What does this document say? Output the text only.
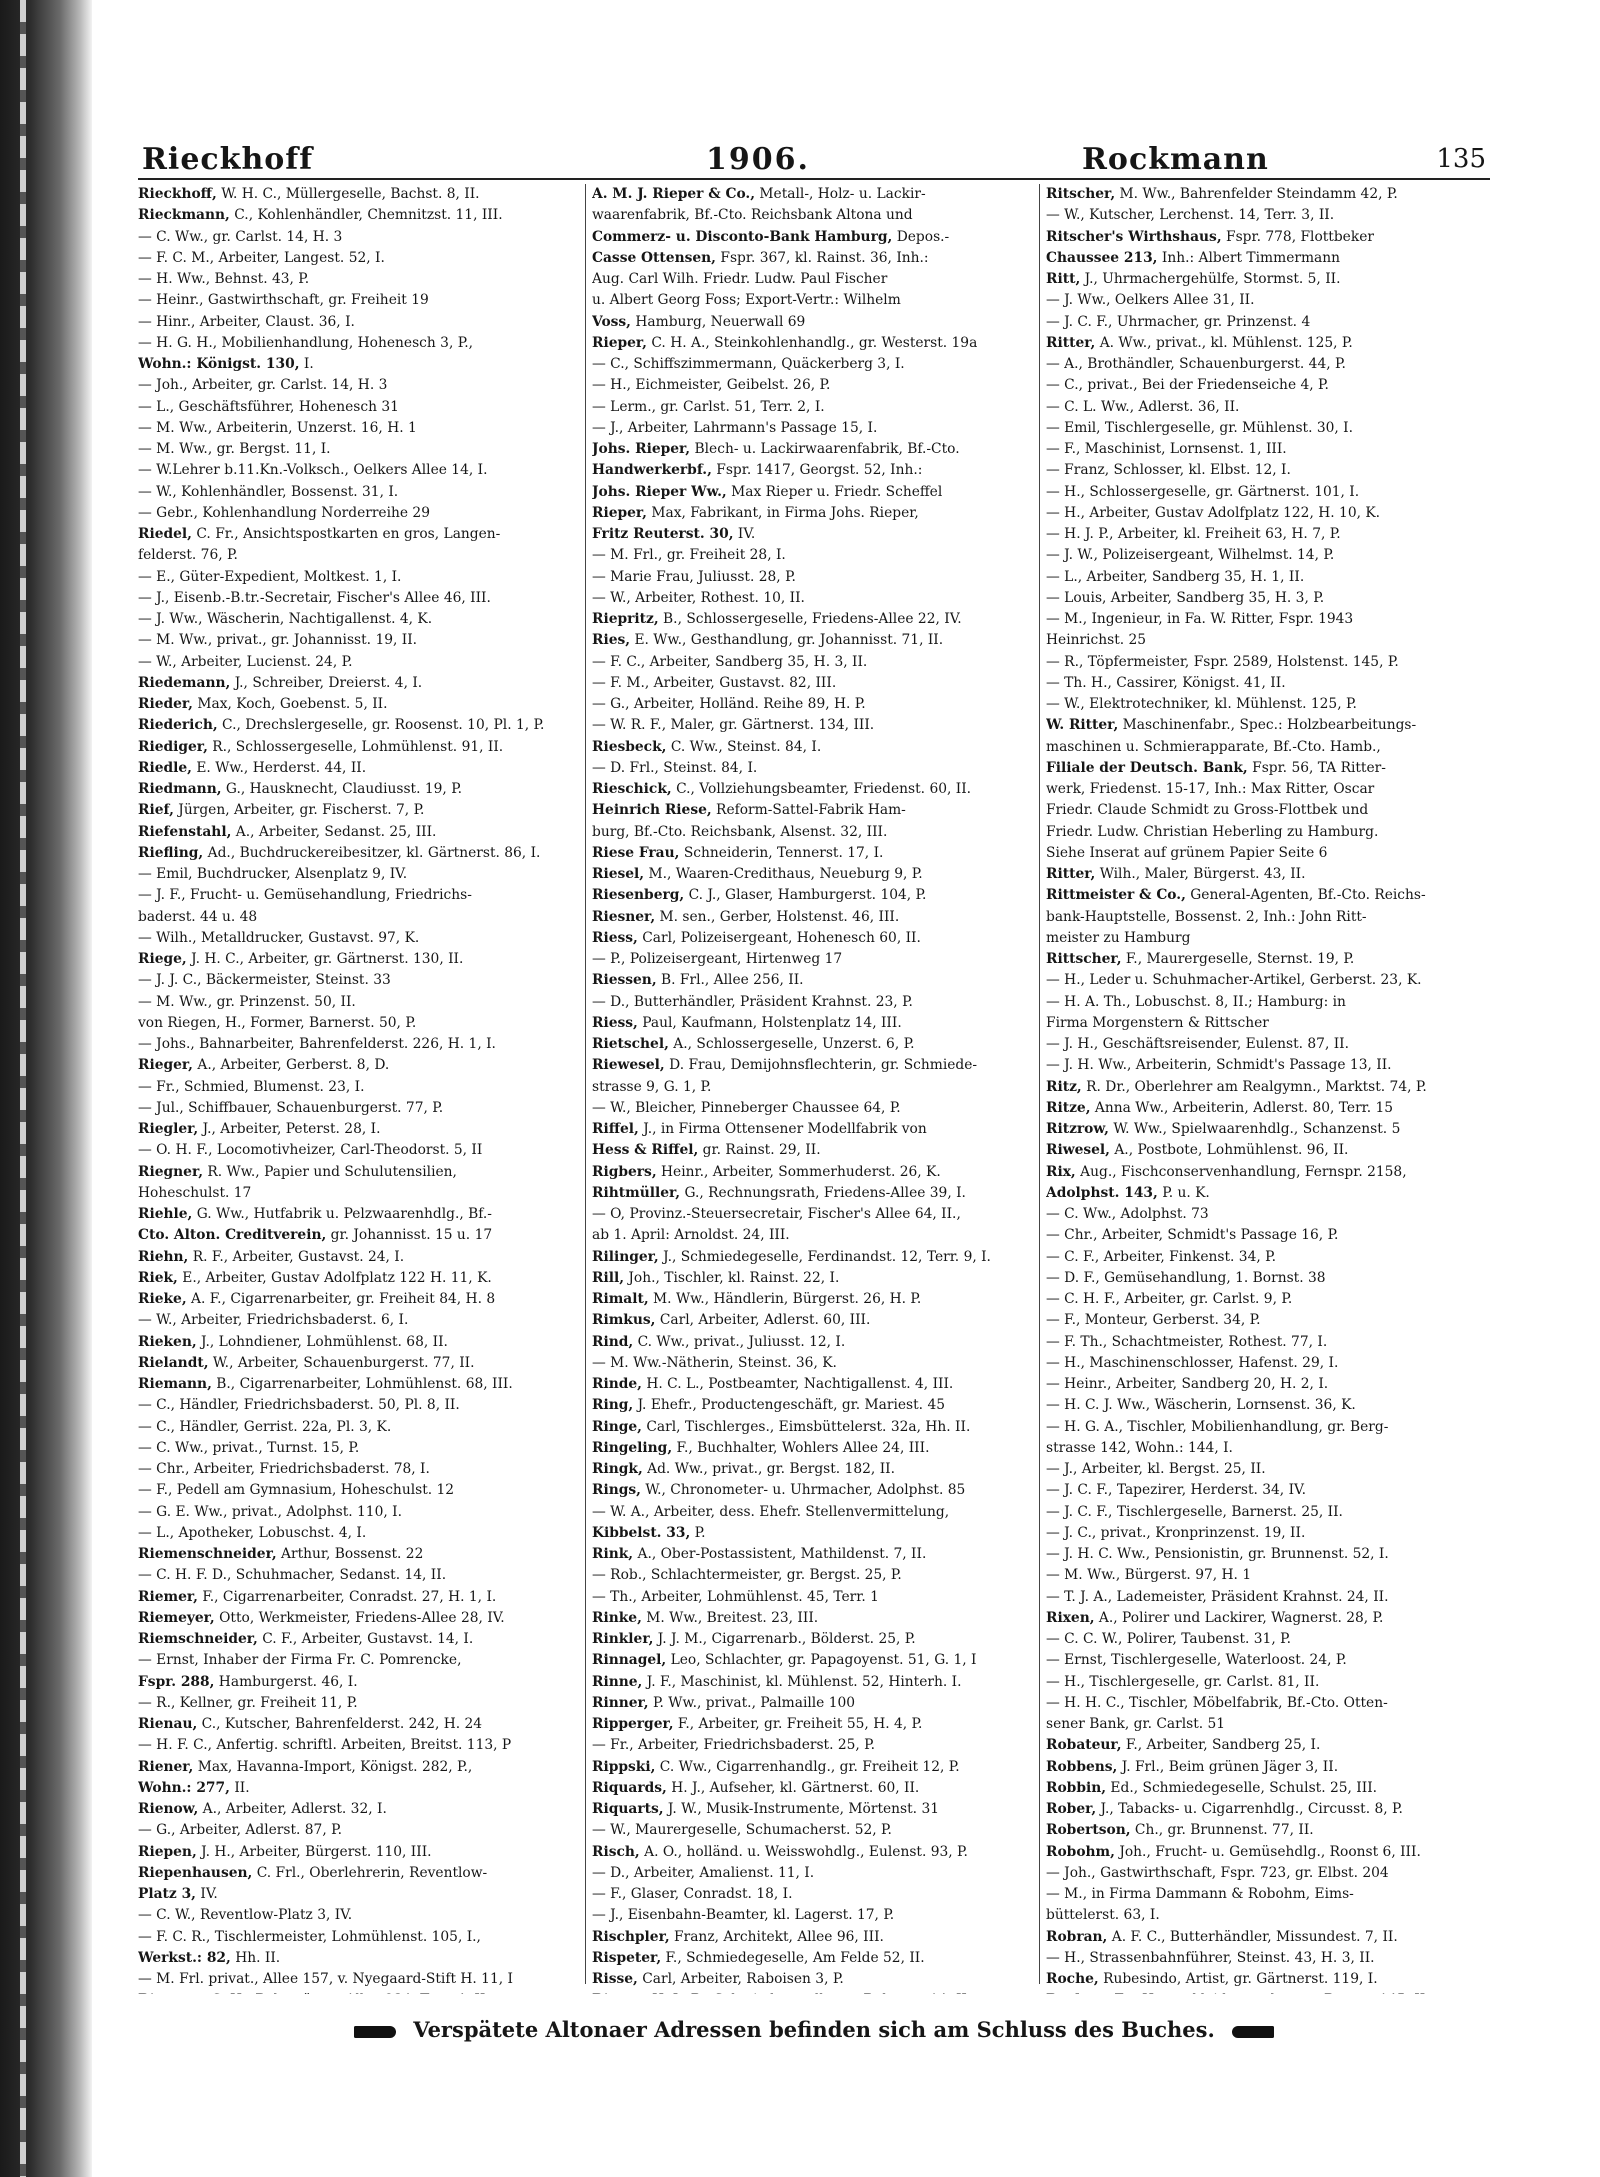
Rieckhoff	1906.	Rockmann	135
Rieckhoff, W. H. C., Müllergeselle, Bachst. 8, II.
Rieckmann, C., Kohlenhändler, Chemnitzst. 11, III.
— C. Ww., gr. Carlst. 14, H. 3
— F. C. M., Arbeiter, Langest. 52, I.
— H. Ww., Behnst. 43, P.
— Heinr., Gastwirthschaft, gr. Freiheit 19
— Hinr., Arbeiter, Claust. 36, I.
— H. G. H., Mobilienhandlung, Hohenesch 3, P.,
Wohn.: Königst. 130, I.
— Joh., Arbeiter, gr. Carlst. 14, H. 3
— L., Geschäftsführer, Hohenesch 31
— M. Ww., Arbeiterin, Unzerst. 16, H. 1
— M. Ww., gr. Bergst. 11, I.
— W.Lehrer b.11.Kn.-Volksch., Oelkers Allee 14, I.
— W., Kohlenhändler, Bossenst. 31, I.
— Gebr., Kohlenhandlung Norderreihe 29
Riedel, C. Fr., Ansichtspostkarten en gros, Langen-
felderst. 76, P.
— E., Güter-Expedient, Moltkest. 1, I.
— J., Eisenb.-B.tr.-Secretair, Fischer's Allee 46, III.
— J. Ww., Wäscherin, Nachtigallenst. 4, K.
— M. Ww., privat., gr. Johannisst. 19, II.
— W., Arbeiter, Lucienst. 24, P.
Riedemann, J., Schreiber, Dreierst. 4, I.
Rieder, Max, Koch, Goebenst. 5, II.
Riederich, C., Drechslergeselle, gr. Roosenst. 10, Pl. 1, P.
Riediger, R., Schlossergeselle, Lohmühlenst. 91, II.
Riedle, E. Ww., Herderst. 44, II.
Riedmann, G., Hausknecht, Claudiusst. 19, P.
Rief, Jürgen, Arbeiter, gr. Fischerst. 7, P.
Riefenstahl, A., Arbeiter, Sedanst. 25, III.
Riefling, Ad., Buchdruckereibesitzer, kl. Gärtnerst. 86, I.
— Emil, Buchdrucker, Alsenplatz 9, IV.
— J. F., Frucht- u. Gemüsehandlung, Friedrichs-
baderst. 44 u. 48
— Wilh., Metalldrucker, Gustavst. 97, K.
Riege, J. H. C., Arbeiter, gr. Gärtnerst. 130, II.
— J. J. C., Bäckermeister, Steinst. 33
— M. Ww., gr. Prinzenst. 50, II.
von Riegen, H., Former, Barnerst. 50, P.
— Johs., Bahnarbeiter, Bahrenfelderst. 226, H. 1, I.
Rieger, A., Arbeiter, Gerberst. 8, D.
— Fr., Schmied, Blumenst. 23, I.
— Jul., Schiffbauer, Schauenburgerst. 77, P.
Riegler, J., Arbeiter, Peterst. 28, I.
— O. H. F., Locomotivheizer, Carl-Theodorst. 5, II
Riegner, R. Ww., Papier und Schulutensilien,
Hoheschulst. 17
Riehle, G. Ww., Hutfabrik u. Pelzwaarenhdlg., Bf.-
Cto. Alton. Creditverein, gr. Johannisst. 15 u. 17
Riehn, R. F., Arbeiter, Gustavst. 24, I.
Riek, E., Arbeiter, Gustav Adolfplatz 122 H. 11, K.
Rieke, A. F., Cigarrenarbeiter, gr. Freiheit 84, H. 8
— W., Arbeiter, Friedrichsbaderst. 6, I.
Rieken, J., Lohndiener, Lohmühlenst. 68, II.
Rielandt, W., Arbeiter, Schauenburgerst. 77, II.
Riemann, B., Cigarrenarbeiter, Lohmühlenst. 68, III.
— C., Händler, Friedrichsbaderst. 50, Pl. 8, II.
— C., Händler, Gerrist. 22a, Pl. 3, K.
— C. Ww., privat., Turnst. 15, P.
— Chr., Arbeiter, Friedrichsbaderst. 78, I.
— F., Pedell am Gymnasium, Hoheschulst. 12
— G. E. Ww., privat., Adolphst. 110, I.
— L., Apotheker, Lobuschst. 4, I.
Riemenschneider, Arthur, Bossenst. 22
— C. H. F. D., Schuhmacher, Sedanst. 14, II.
Riemer, F., Cigarrenarbeiter, Conradst. 27, H. 1, I.
Riemeyer, Otto, Werkmeister, Friedens-Allee 28, IV.
Riemschneider, C. F., Arbeiter, Gustavst. 14, I.
— Ernst, Inhaber der Firma Fr. C. Pomrencke,
Fspr. 288, Hamburgerst. 46, I.
— R., Kellner, gr. Freiheit 11, P.
Rienau, C., Kutscher, Bahrenfelderst. 242, H. 24
— H. F. C., Anfertig. schriftl. Arbeiten, Breitst. 113, P
Riener, Max, Havanna-Import, Königst. 282, P.,
Wohn.: 277, II.
Rienow, A., Arbeiter, Adlerst. 32, I.
— G., Arbeiter, Adlerst. 87, P.
Riepen, J. H., Arbeiter, Bürgerst. 110, III.
Riepenhausen, C. Frl., Oberlehrerin, Reventlow-
Platz 3, IV.
— C. W., Reventlow-Platz 3, IV.
— F. C. R., Tischlermeister, Lohmühlenst. 105, I.,
Werkst.: 82, Hh. II.
— M. Frl. privat., Allee 157, v. Nyegaard-Stift H. 11, I
A. M. J. Rieper & Co., Metall-, Holz- u. Lackir-
waarenfabrik, Bf.-Cto. Reichsbank Altona und
Commerz- u. Disconto-Bank Hamburg, Depos.-
Casse Ottensen, Fspr. 367, kl. Rainst. 36, Inh.:
Aug. Carl Wilh. Friedr. Ludw. Paul Fischer
u. Albert Georg Foss; Export-Vertr.: Wilhelm
Voss, Hamburg, Neuerwall 69
Rieper, C. H. A., Steinkohlenhandlg., gr. Westerst. 19a
— C., Schiffszimmermann, Quäckerberg 3, I.
— H., Eichmeister, Geibelst. 26, P.
— Lerm., gr. Carlst. 51, Terr. 2, I.
— J., Arbeiter, Lahrmann's Passage 15, I.
Johs. Rieper, Blech- u. Lackirwaarenfabrik, Bf.-Cto.
Handwerkerbf., Fspr. 1417, Georgst. 52, Inh.:
Johs. Rieper Ww., Max Rieper u. Friedr. Scheffel
Rieper, Max, Fabrikant, in Firma Johs. Rieper,
Fritz Reuterst. 30, IV.
— M. Frl., gr. Freiheit 28, I.
— Marie Frau, Juliusst. 28, P.
— W., Arbeiter, Rothest. 10, II.
Riepritz, B., Schlossergeselle, Friedens-Allee 22, IV.
Ries, E. Ww., Gesthandlung, gr. Johannisst. 71, II.
— F. C., Arbeiter, Sandberg 35, H. 3, II.
— F. M., Arbeiter, Gustavst. 82, III.
— G., Arbeiter, Holländ. Reihe 89, H. P.
— W. R. F., Maler, gr. Gärtnerst. 134, III.
Riesbeck, C. Ww., Steinst. 84, I.
— D. Frl., Steinst. 84, I.
Rieschick, C., Vollziehungsbeamter, Friedenst. 60, II.
Heinrich Riese, Reform-Sattel-Fabrik Ham-
burg, Bf.-Cto. Reichsbank, Alsenst. 32, III.
Riese Frau, Schneiderin, Tennerst. 17, I.
Riesel, M., Waaren-Credithaus, Neueburg 9, P.
Riesenberg, C. J., Glaser, Hamburgerst. 104, P.
Riesner, M. sen., Gerber, Holstenst. 46, III.
Riess, Carl, Polizeisergeant, Hohenesch 60, II.
— P., Polizeisergeant, Hirtenweg 17
Riessen, B. Frl., Allee 256, II.
— D., Butterhändler, Präsident Krahnst. 23, P.
Riess, Paul, Kaufmann, Holstenplatz 14, III.
Rietschel, A., Schlossergeselle, Unzerst. 6, P.
Riewesel, D. Frau, Demijohnsflechterin, gr. Schmiede-
strasse 9, G. 1, P.
— W., Bleicher, Pinneberger Chaussee 64, P.
Riffel, J., in Firma Ottensener Modellfabrik von
Hess & Riffel, gr. Rainst. 29, II.
Rigbers, Heinr., Arbeiter, Sommerhuderst. 26, K.
Rihtmüller, G., Rechnungsrath, Friedens-Allee 39, I.
— O, Provinz.-Steuersecretair, Fischer's Allee 64, II.,
ab 1. April: Arnoldst. 24, III.
Rilinger, J., Schmiedegeselle, Ferdinandst. 12, Terr. 9, I.
Rill, Joh., Tischler, kl. Rainst. 22, I.
Rimalt, M. Ww., Händlerin, Bürgerst. 26, H. P.
Rimkus, Carl, Arbeiter, Adlerst. 60, III.
Rind, C. Ww., privat., Juliusst. 12, I.
— M. Ww.-Nätherin, Steinst. 36, K.
Rinde, H. C. L., Postbeamter, Nachtigallenst. 4, III.
Ring, J. Ehefr., Productengeschäft, gr. Mariest. 45
Ringe, Carl, Tischlerges., Eimsbüttelerst. 32a, Hh. II.
Ringeling, F., Buchhalter, Wohlers Allee 24, III.
Ringk, Ad. Ww., privat., gr. Bergst. 182, II.
Rings, W., Chronometer- u. Uhrmacher, Adolphst. 85
— W. A., Arbeiter, dess. Ehefr. Stellenvermittelung,
Kibbelst. 33, P.
Rink, A., Ober-Postassistent, Mathildenst. 7, II.
— Rob., Schlachtermeister, gr. Bergst. 25, P.
— Th., Arbeiter, Lohmühlenst. 45, Terr. 1
Rinke, M. Ww., Breitest. 23, III.
Rinkler, J. J. M., Cigarrenarb., Bölderst. 25, P.
Rinnagel, Leo, Schlachter, gr. Papagoyenst. 51, G. 1, I
Rinne, J. F., Maschinist, kl. Mühlenst. 52, Hinterh. I.
Rinner, P. Ww., privat., Palmaille 100
Ripperger, F., Arbeiter, gr. Freiheit 55, H. 4, P.
— Fr., Arbeiter, Friedrichsbaderst. 25, P.
Rippski, C. Ww., Cigarrenhandlg., gr. Freiheit 12, P.
Riquards, H. J., Aufseher, kl. Gärtnerst. 60, II.
Riquarts, J. W., Musik-Instrumente, Mörtenst. 31
— W., Maurergeselle, Schumacherst. 52, P.
Risch, A. O., holländ. u. Weisswohdlg., Eulenst. 93, P.
— D., Arbeiter, Amalienst. 11, I.
— F., Glaser, Conradst. 18, I.
— J., Eisenbahn-Beamter, kl. Lagerst. 17, P.
Rischpler, Franz, Architekt, Allee 96, III.
Rispeter, F., Schmiedegeselle, Am Felde 52, II.
Risse, Carl, Arbeiter, Raboisen 3, P.
Ritscher, M. Ww., Bahrenfelder Steindamm 42, P.
— W., Kutscher, Lerchenst. 14, Terr. 3, II.
Ritscher's Wirthshaus, Fspr. 778, Flottbeker
Chaussee 213, Inh.: Albert Timmermann
Ritt, J., Uhrmachergehülfe, Stormst. 5, II.
— J. Ww., Oelkers Allee 31, II.
— J. C. F., Uhrmacher, gr. Prinzenst. 4
Ritter, A. Ww., privat., kl. Mühlenst. 125, P.
— A., Brothändler, Schauenburgerst. 44, P.
— C., privat., Bei der Friedenseiche 4, P.
— C. L. Ww., Adlerst. 36, II.
— Emil, Tischlergeselle, gr. Mühlenst. 30, I.
— F., Maschinist, Lornsenst. 1, III.
— Franz, Schlosser, kl. Elbst. 12, I.
— H., Schlossergeselle, gr. Gärtnerst. 101, I.
— H., Arbeiter, Gustav Adolfplatz 122, H. 10, K.
— H. J. P., Arbeiter, kl. Freiheit 63, H. 7, P.
— J. W., Polizeisergeant, Wilhelmst. 14, P.
— L., Arbeiter, Sandberg 35, H. 1, II.
— Louis, Arbeiter, Sandberg 35, H. 3, P.
— M., Ingenieur, in Fa. W. Ritter, Fspr. 1943
Heinrichst. 25
— R., Töpfermeister, Fspr. 2589, Holstenst. 145, P.
— Th. H., Cassirer, Königst. 41, II.
— W., Elektrotechniker, kl. Mühlenst. 125, P.
W. Ritter, Maschinenfabr., Spec.: Holzbearbeitungs-
maschinen u. Schmierapparate, Bf.-Cto. Hamb.,
Filiale der Deutsch. Bank, Fspr. 56, TA Ritter-
werk, Friedenst. 15-17, Inh.: Max Ritter, Oscar
Friedr. Claude Schmidt zu Gross-Flottbek und
Friedr. Ludw. Christian Heberling zu Hamburg.
Siehe Inserat auf grünem Papier Seite 6
Ritter, Wilh., Maler, Bürgerst. 43, II.
Rittmeister & Co., General-Agenten, Bf.-Cto. Reichs-
bank-Hauptstelle, Bossenst. 2, Inh.: John Ritt-
meister zu Hamburg
Rittscher, F., Maurergeselle, Sternst. 19, P.
— H., Leder u. Schuhmacher-Artikel, Gerberst. 23, K.
— H. A. Th., Lobuschst. 8, II.; Hamburg: in
Firma Morgenstern & Rittscher
— J. H., Geschäftsreisender, Eulenst. 87, II.
— J. H. Ww., Arbeiterin, Schmidt's Passage 13, II.
Ritz, R. Dr., Oberlehrer am Realgymn., Marktst. 74, P.
Ritze, Anna Ww., Arbeiterin, Adlerst. 80, Terr. 15
Ritzrow, W. Ww., Spielwaarenhdlg., Schanzenst. 5
Riwesel, A., Postbote, Lohmühlenst. 96, II.
Rix, Aug., Fischconservenhandlung, Fernspr. 2158,
Adolphst. 143, P. u. K.
— C. Ww., Adolphst. 73
— Chr., Arbeiter, Schmidt's Passage 16, P.
— C. F., Arbeiter, Finkenst. 34, P.
— D. F., Gemüsehandlung, 1. Bornst. 38
— C. H. F., Arbeiter, gr. Carlst. 9, P.
— F., Monteur, Gerberst. 34, P.
— F. Th., Schachtmeister, Rothest. 77, I.
— H., Maschinenschlosser, Hafenst. 29, I.
— Heinr., Arbeiter, Sandberg 20, H. 2, I.
— H. C. J. Ww., Wäscherin, Lornsenst. 36, K.
— H. G. A., Tischler, Mobilienhandlung, gr. Berg-
strasse 142, Wohn.: 144, I.
— J., Arbeiter, kl. Bergst. 25, II.
— J. C. F., Tapezirer, Herderst. 34, IV.
— J. C. F., Tischlergeselle, Barnerst. 25, II.
— J. C., privat., Kronprinzenst. 19, II.
— J. H. C. Ww., Pensionistin, gr. Brunnenst. 52, I.
— M. Ww., Bürgerst. 97, H. 1
— T. J. A., Lademeister, Präsident Krahnst. 24, II.
Rixen, A., Polirer und Lackirer, Wagnerst. 28, P.
— C. C. W., Polirer, Taubenst. 31, P.
— Ernst, Tischlergeselle, Waterloost. 24, P.
— H., Tischlergeselle, gr. Carlst. 81, II.
— H. H. C., Tischler, Möbelfabrik, Bf.-Cto. Otten-
sener Bank, gr. Carlst. 51
Robateur, F., Arbeiter, Sandberg 25, I.
Robbens, J. Frl., Beim grünen Jäger 3, II.
Robbin, Ed., Schmiedegeselle, Schulst. 25, III.
Rober, J., Tabacks- u. Cigarrenhdlg., Circusst. 8, P.
Robertson, Ch., gr. Brunnenst. 77, II.
Robohm, Joh., Frucht- u. Gemüsehdlg., Roonst 6, III.
— Joh., Gastwirthschaft, Fspr. 723, gr. Elbst. 204
— M., in Firma Dammann & Robohm, Eims-
büttelerst. 63, I.
Robran, A. F. C., Butterhändler, Missundest. 7, II.
— H., Strassenbahnführer, Steinst. 43, H. 3, II.
Roche, Rubesindo, Artist, gr. Gärtnerst. 119, I.
Verspätete Altonaer Adressen befinden sich am Schluss des Buches.
